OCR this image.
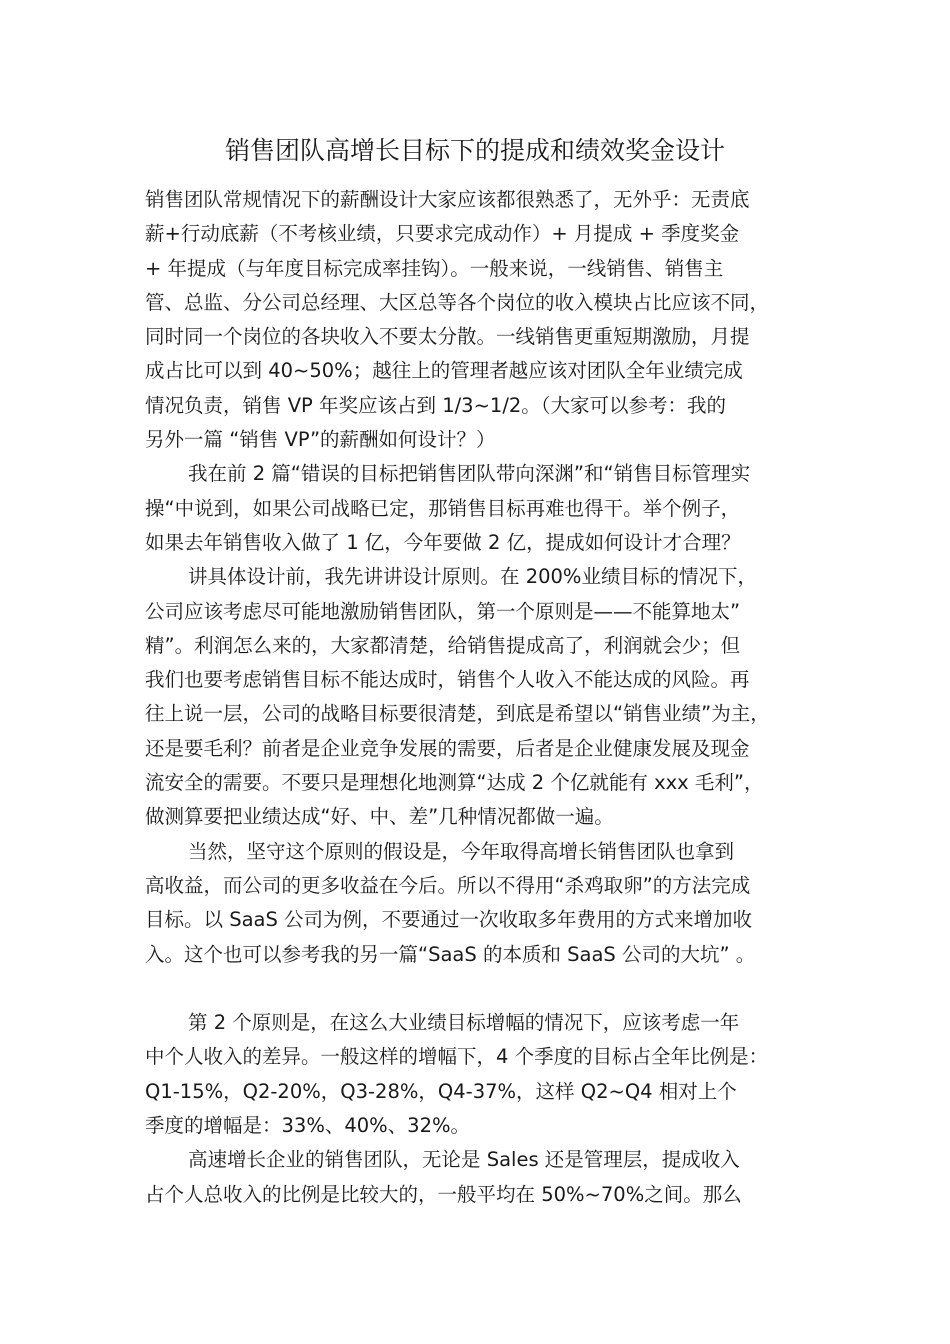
销售团队高增长目标下的提成和绩效奖金设计
销售团队常规情况下的薪酬设计大家应该都很熟悉了，无外乎：无责底
薪+行动底薪（不考核业绩，只要求完成动作）+ 月提成 + 季度奖金
+ 年提成（与年度目标完成率挂钩）。一般来说，一线销售、销售主
管、总监、分公司总经理、大区总等各个岗位的收入模块占比应该不同，
同时同一个岗位的各块收入不要太分散。一线销售更重短期激励，月提
成占比可以到 40~50%；越往上的管理者越应该对团队全年业绩完成
情况负责，销售 VP 年奖应该占到 1/3~1/2。（大家可以参考：我的
另外一篇 “销售 VP”的薪酬如何设计？）
我在前 2 篇“错误的目标把销售团队带向深渊”和“销售目标管理实
操“中说到，如果公司战略已定，那销售目标再难也得干。举个例子，
如果去年销售收入做了 1 亿，今年要做 2 亿，提成如何设计才合理？
讲具体设计前，我先讲讲设计原则。在 200%业绩目标的情况下，
公司应该考虑尽可能地激励销售团队，第一个原则是——不能算地太”
精”。利润怎么来的，大家都清楚，给销售提成高了，利润就会少；但
我们也要考虑销售目标不能达成时，销售个人收入不能达成的风险。再
往上说一层，公司的战略目标要很清楚，到底是希望以“销售业绩”为主，
还是要毛利？前者是企业竞争发展的需要，后者是企业健康发展及现金
流安全的需要。不要只是理想化地测算“达成 2 个亿就能有 xxx 毛利”，
做测算要把业绩达成“好、中、差”几种情况都做一遍。
当然，坚守这个原则的假设是，今年取得高增长销售团队也拿到
高收益，而公司的更多收益在今后。所以不得用“杀鸡取卵”的方法完成
目标。以 SaaS 公司为例，不要通过一次收取多年费用的方式来增加收
入。这个也可以参考我的另一篇“SaaS 的本质和 SaaS 公司的大坑” 。
第 2 个原则是，在这么大业绩目标增幅的情况下，应该考虑一年
中个人收入的差异。一般这样的增幅下，4 个季度的目标占全年比例是：
Q1-15%，Q2-20%，Q3-28%，Q4-37%，这样 Q2~Q4 相对上个
季度的增幅是：33%、40%、32%。
高速增长企业的销售团队，无论是 Sales 还是管理层，提成收入
占个人总收入的比例是比较大的，一般平均在 50%~70%之间。那么
